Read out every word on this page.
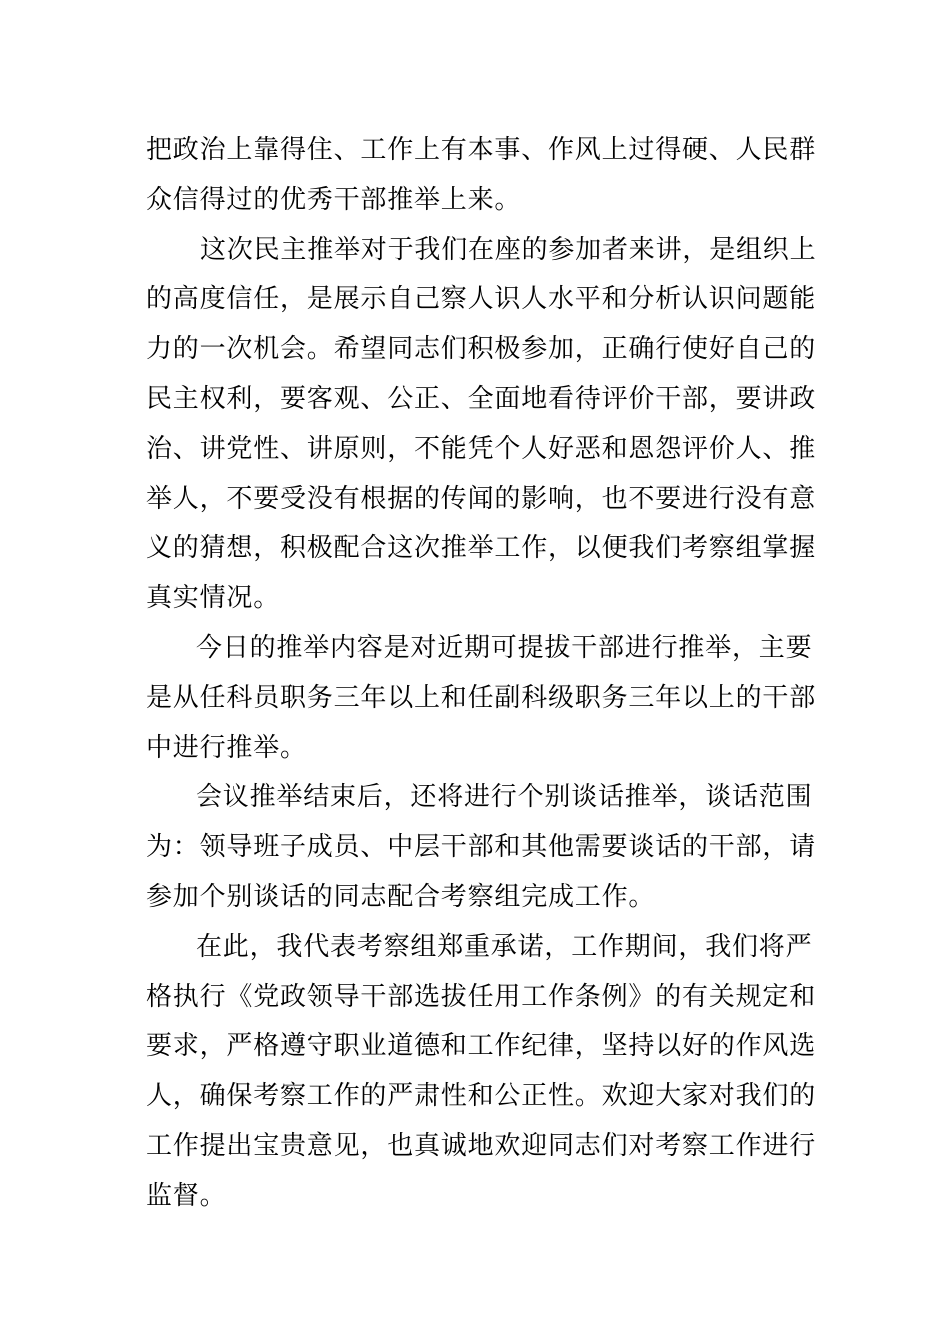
把政治上靠得住、工作上有本事、作风上过得硬、人民群
众信得过的优秀干部推举上来。
这次民主推举对于我们在座的参加者来讲，是组织上
的高度信任，是展示自己察人识人水平和分析认识问题能
力的一次机会。希望同志们积极参加，正确行使好自己的
民主权利，要客观、公正、全面地看待评价干部，要讲政
治、讲党性、讲原则，不能凭个人好恶和恩怨评价人、推
举人，不要受没有根据的传闻的影响，也不要进行没有意
义的猜想，积极配合这次推举工作，以便我们考察组掌握
真实情况。
今日的推举内容是对近期可提拔干部进行推举，主要
是从任科员职务三年以上和任副科级职务三年以上的干部
中进行推举。
会议推举结束后，还将进行个别谈话推举，谈话范围
为：领导班子成员、中层干部和其他需要谈话的干部，请
参加个别谈话的同志配合考察组完成工作。
在此，我代表考察组郑重承诺，工作期间，我们将严
格执行《党政领导干部选拔任用工作条例》的有关规定和
要求，严格遵守职业道德和工作纪律，坚持以好的作风选
人，确保考察工作的严肃性和公正性。欢迎大家对我们的
工作提出宝贵意见，也真诚地欢迎同志们对考察工作进行
监督。
